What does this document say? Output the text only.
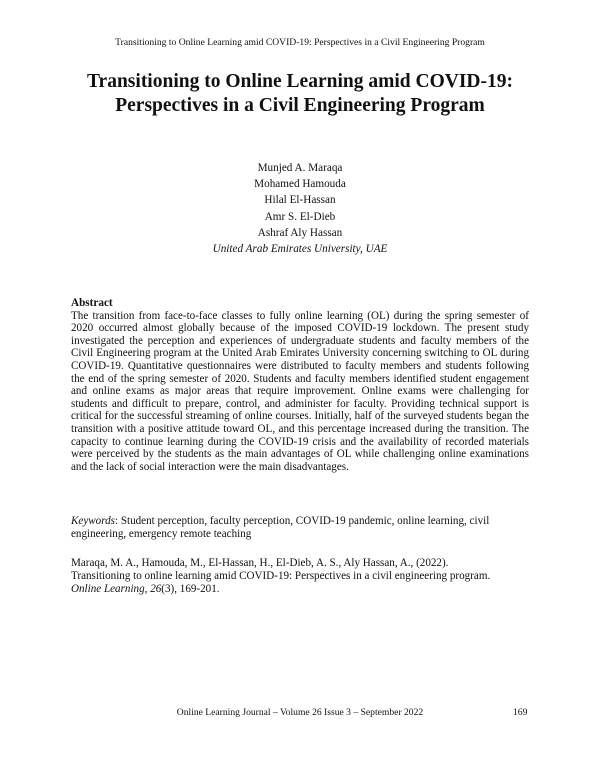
Transitioning to Online Learning amid COVID-19: Perspectives in a Civil Engineering Program
Transitioning to Online Learning amid COVID-19:
Perspectives in a Civil Engineering Program
Munjed A. Maraqa
Mohamed Hamouda
Hilal El-Hassan
Amr S. El-Dieb
Ashraf Aly Hassan
United Arab Emirates University, UAE
Abstract
The transition from face-to-face classes to fully online learning (OL) during the spring semester of 2020 occurred almost globally because of the imposed COVID-19 lockdown. The present study investigated the perception and experiences of undergraduate students and faculty members of the Civil Engineering program at the United Arab Emirates University concerning switching to OL during COVID-19. Quantitative questionnaires were distributed to faculty members and students following the end of the spring semester of 2020. Students and faculty members identified student engagement and online exams as major areas that require improvement. Online exams were challenging for students and difficult to prepare, control, and administer for faculty. Providing technical support is critical for the successful streaming of online courses. Initially, half of the surveyed students began the transition with a positive attitude toward OL, and this percentage increased during the transition. The capacity to continue learning during the COVID-19 crisis and the availability of recorded materials were perceived by the students as the main advantages of OL while challenging online examinations and the lack of social interaction were the main disadvantages.
Keywords: Student perception, faculty perception, COVID-19 pandemic, online learning, civil engineering, emergency remote teaching
Maraqa, M. A., Hamouda, M., El-Hassan, H., El-Dieb, A. S., Aly Hassan, A., (2022).
Transitioning to online learning amid COVID-19: Perspectives in a civil engineering program.
Online Learning, 26(3), 169-201.
Online Learning Journal – Volume 26 Issue 3 – September 2022	169
